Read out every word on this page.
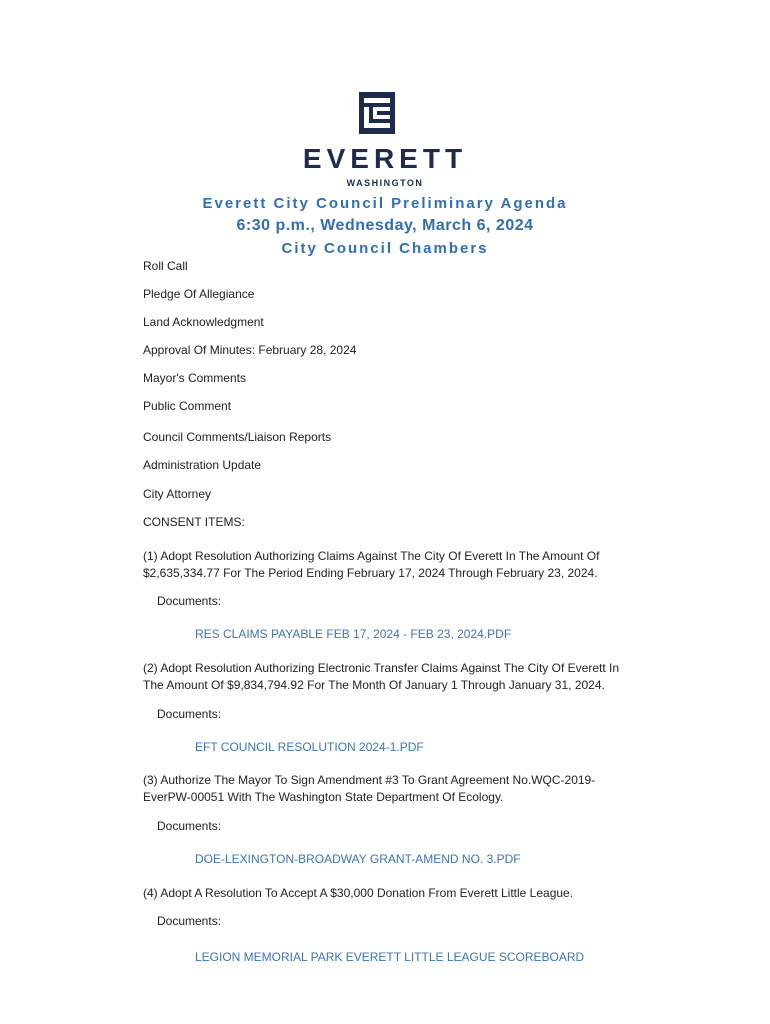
EVERETT
WASHINGTON
Everett City Council Preliminary Agenda
6:30 p.m., Wednesday, March 6, 2024
City Council Chambers
Roll Call
Pledge Of Allegiance
Land Acknowledgment
Approval Of Minutes: February 28, 2024
Mayor's Comments
Public Comment
Council Comments/Liaison Reports
Administration Update
City Attorney
CONSENT ITEMS:
(1) Adopt Resolution Authorizing Claims Against The City Of Everett In The Amount Of
$2,635,334.77 For The Period Ending February 17, 2024 Through February 23, 2024.
Documents:
RES CLAIMS PAYABLE FEB 17, 2024 - FEB 23, 2024.PDF
(2) Adopt Resolution Authorizing Electronic Transfer Claims Against The City Of Everett In
The Amount Of $9,834,794.92 For The Month Of January 1 Through January 31, 2024.
Documents:
EFT COUNCIL RESOLUTION 2024-1.PDF
(3) Authorize The Mayor To Sign Amendment #3 To Grant Agreement No.WQC-2019-
EverPW-00051 With The Washington State Department Of Ecology.
Documents:
DOE-LEXINGTON-BROADWAY GRANT-AMEND NO. 3.PDF
(4) Adopt A Resolution To Accept A $30,000 Donation From Everett Little League.
Documents:
LEGION MEMORIAL PARK EVERETT LITTLE LEAGUE SCOREBOARD
